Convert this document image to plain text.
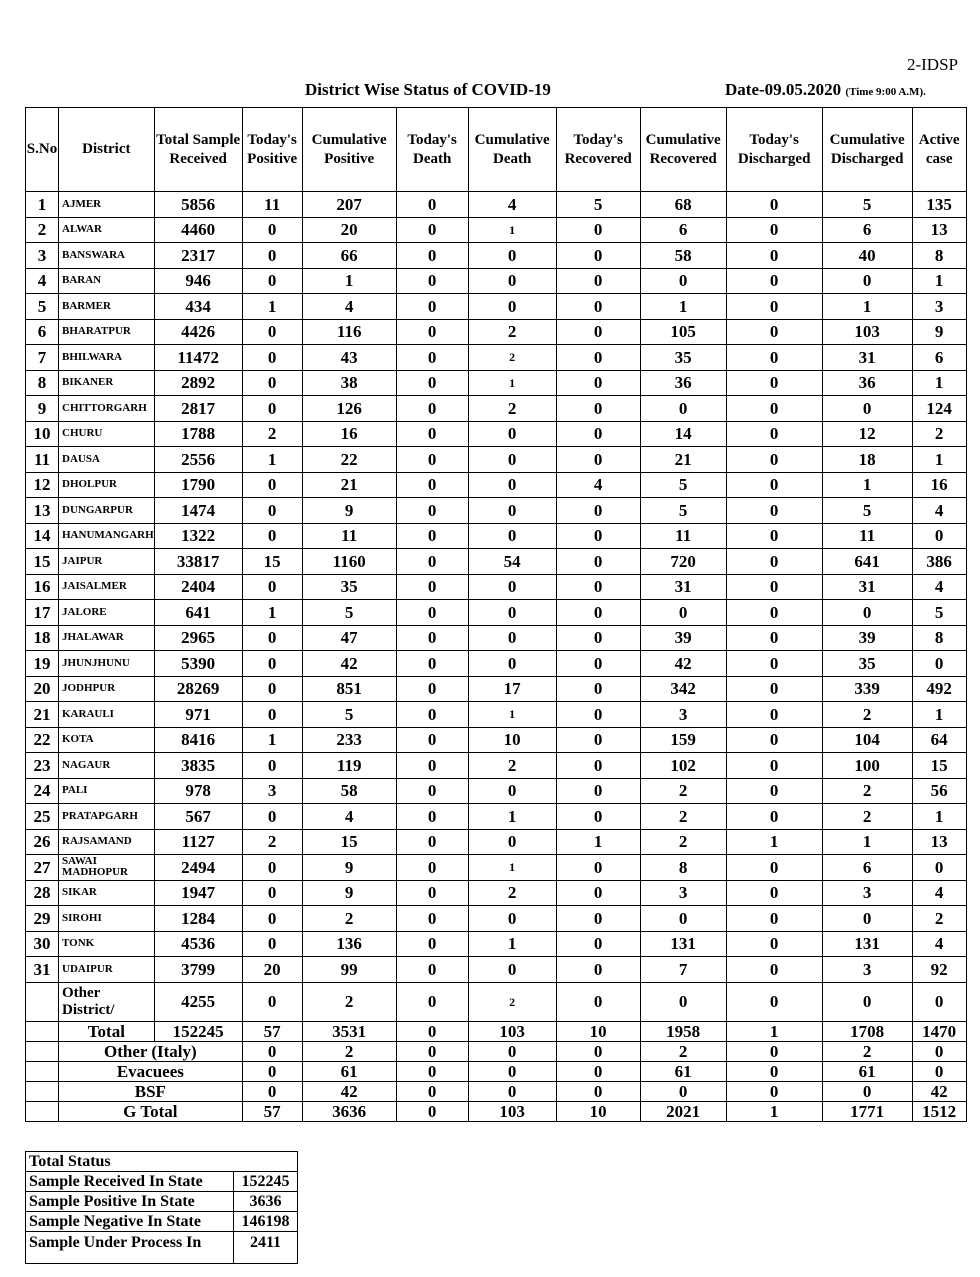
2-IDSP
District Wise Status of COVID-19	Date-09.05.2020 (Time 9:00 A.M).
S.No	District	Total Sample Received	Today's Positive	Cumulative Positive	Today's Death	Cumulative Death	Today's Recovered	Cumulative Recovered	Today's Discharged	Cumulative Discharged	Active case
1	AJMER	5856	11	207	0	4	5	68	0	5	135
2	ALWAR	4460	0	20	0	1	0	6	0	6	13
3	BANSWARA	2317	0	66	0	0	0	58	0	40	8
4	BARAN	946	0	1	0	0	0	0	0	0	1
5	BARMER	434	1	4	0	0	0	1	0	1	3
6	BHARATPUR	4426	0	116	0	2	0	105	0	103	9
7	BHILWARA	11472	0	43	0	2	0	35	0	31	6
8	BIKANER	2892	0	38	0	1	0	36	0	36	1
9	CHITTORGARH	2817	0	126	0	2	0	0	0	0	124
10	CHURU	1788	2	16	0	0	0	14	0	12	2
11	DAUSA	2556	1	22	0	0	0	21	0	18	1
12	DHOLPUR	1790	0	21	0	0	4	5	0	1	16
13	DUNGARPUR	1474	0	9	0	0	0	5	0	5	4
14	HANUMANGARH	1322	0	11	0	0	0	11	0	11	0
15	JAIPUR	33817	15	1160	0	54	0	720	0	641	386
16	JAISALMER	2404	0	35	0	0	0	31	0	31	4
17	JALORE	641	1	5	0	0	0	0	0	0	5
18	JHALAWAR	2965	0	47	0	0	0	39	0	39	8
19	JHUNJHUNU	5390	0	42	0	0	0	42	0	35	0
20	JODHPUR	28269	0	851	0	17	0	342	0	339	492
21	KARAULI	971	0	5	0	1	0	3	0	2	1
22	KOTA	8416	1	233	0	10	0	159	0	104	64
23	NAGAUR	3835	0	119	0	2	0	102	0	100	15
24	PALI	978	3	58	0	0	0	2	0	2	56
25	PRATAPGARH	567	0	4	0	1	0	2	0	2	1
26	RAJSAMAND	1127	2	15	0	0	1	2	1	1	13
27	SAWAI MADHOPUR	2494	0	9	0	1	0	8	0	6	0
28	SIKAR	1947	0	9	0	2	0	3	0	3	4
29	SIROHI	1284	0	2	0	0	0	0	0	0	2
30	TONK	4536	0	136	0	1	0	131	0	131	4
31	UDAIPUR	3799	20	99	0	0	0	7	0	3	92
	Other District/	4255	0	2	0	2	0	0	0	0	0
	Total	152245	57	3531	0	103	10	1958	1	1708	1470
	Other (Italy)		0	2	0	0	0	2	0	2	0
	Evacuees		0	61	0	0	0	61	0	61	0
	BSF		0	42	0	0	0	0	0	0	42
	G Total		57	3636	0	103	10	2021	1	1771	1512
Total Status	
Sample Received In State	152245
Sample Positive In State	3636
Sample Negative In State	146198
Sample Under Process In	2411
